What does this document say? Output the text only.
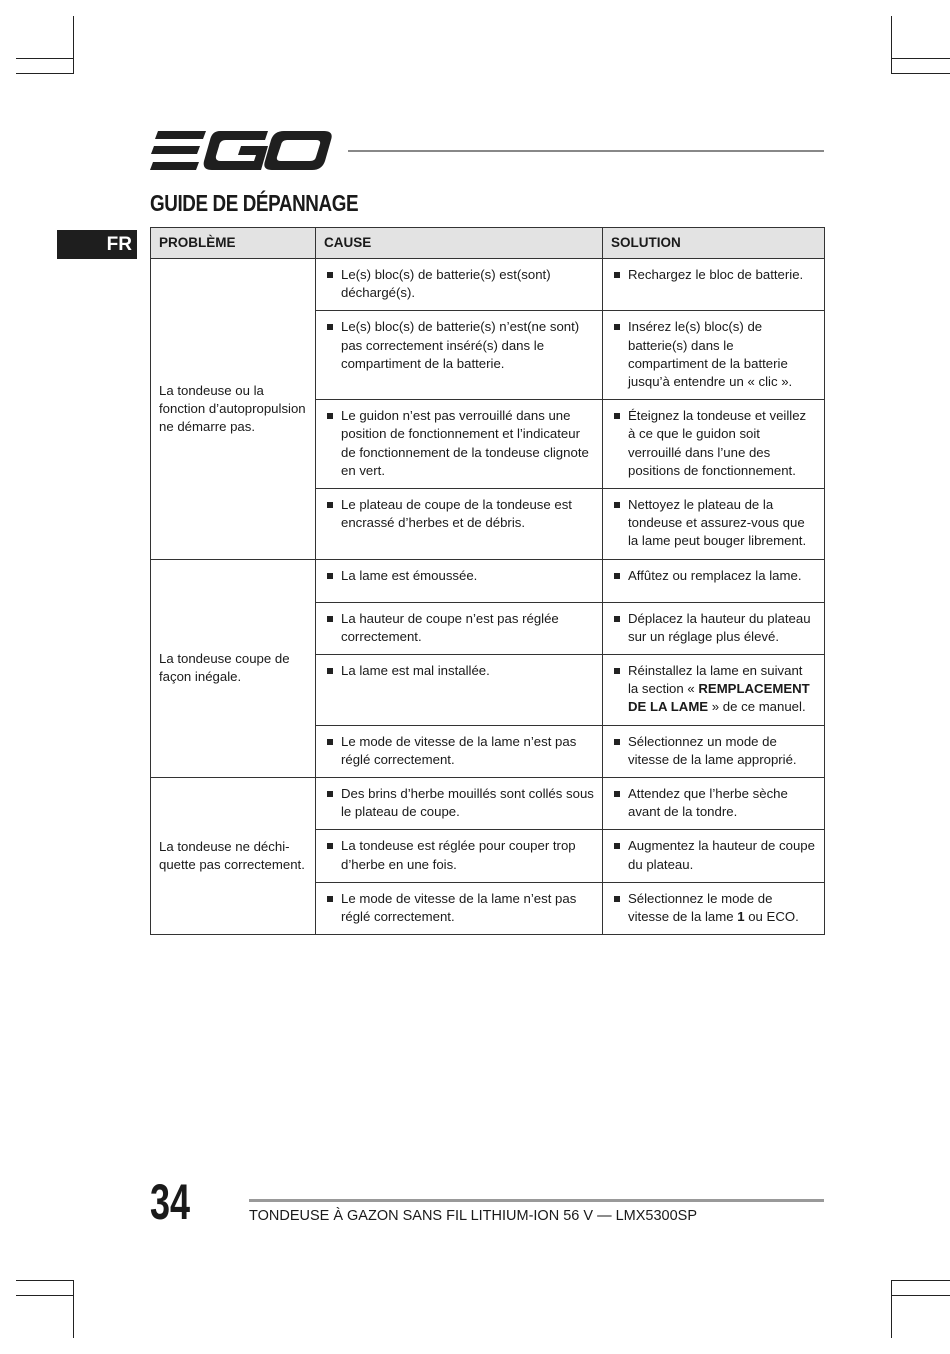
GUIDE DE DÉPANNAGE
FR	PROBLÈME	CAUSE	SOLUTION
La tondeuse ou la fonction d’autopropulsion ne démarre pas.	Le(s) bloc(s) de batterie(s) est(sont) déchargé(s).	Rechargez le bloc de batterie.

	Le(s) bloc(s) de batterie(s) n’est(ne sont) pas correctement inséré(s) dans le compartiment de la batterie.	Insérez le(s) bloc(s) de batterie(s) dans le compartiment de la batterie jusqu’à entendre un « clic ».

	Le guidon n’est pas verrouillé dans une position de fonctionnement et l’indicateur de fonctionnement de la tondeuse clignote en vert.	Éteignez la tondeuse et veillez à ce que le guidon soit verrouillé dans l’une des positions de fonctionnement.

	Le plateau de coupe de la tondeuse est encrassé d’herbes et de débris.	Nettoyez le plateau de la tondeuse et assurez-vous que la lame peut bouger librement.

La tondeuse coupe de façon inégale.	La lame est émoussée.	Affûtez ou remplacez la lame.

	La hauteur de coupe n’est pas réglée correctement.	Déplacez la hauteur du plateau sur un réglage plus élevé.

	La lame est mal installée.	Réinstallez la lame en suivant la section « REMPLACEMENT DE LA LAME » de ce manuel.

	Le mode de vitesse de la lame n’est pas réglé correctement.	Sélectionnez un mode de vitesse de la lame approprié.

La tondeuse ne déchi-quette pas correctement.	Des brins d’herbe mouillés sont collés sous le plateau de coupe.	Attendez que l’herbe sèche avant de la tondre.

	La tondeuse est réglée pour couper trop d’herbe en une fois.	Augmentez la hauteur de coupe du plateau.

	Le mode de vitesse de la lame n’est pas réglé correctement.	Sélectionnez le mode de vitesse de la lame 1 ou ECO.
34	TONDEUSE À GAZON SANS FIL LITHIUM-ION 56 V — LMX5300SP
